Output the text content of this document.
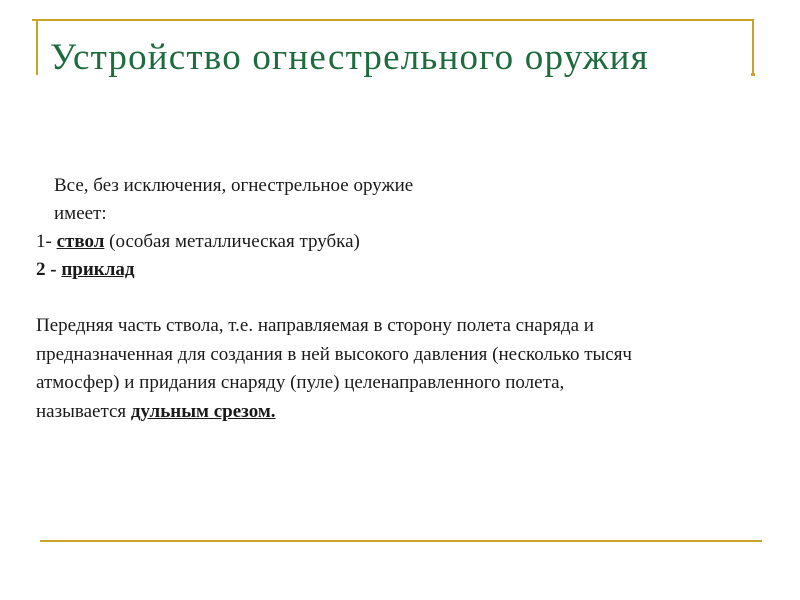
Устройство огнестрельного оружия

Все, без исключения, огнестрельное оружие
имеет:

1- ствол (особая металлическая трубка)

2 - приклад

Передняя часть ствола, т.е. направляемая в сторону полета снаряда и предназначенная для создания в ней высокого давления (несколько тысяч атмосфер) и придания снаряду (пуле) целенаправленного полета, называется дульным срезом.
